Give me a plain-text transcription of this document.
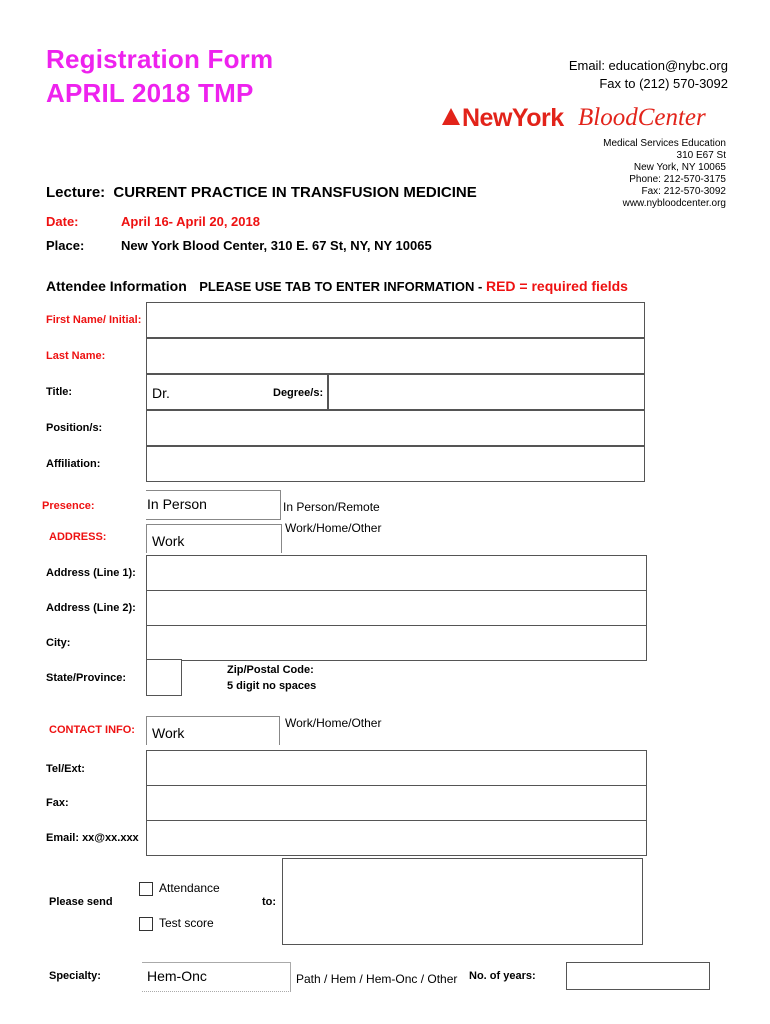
Registration Form
APRIL 2018 TMP
Email: education@nybc.org
Fax to (212) 570-3092
NewYork BloodCenter
Medical Services Education
310 E67 St
New York, NY 10065
Phone: 212-570-3175
Fax: 212-570-3092
www.nybloodcenter.org
Lecture: CURRENT PRACTICE IN TRANSFUSION MEDICINE
Date:	April 16- April 20, 2018
Place:	New York Blood Center, 310 E. 67 St, NY, NY 10065
Attendee Information PLEASE USE TAB TO ENTER INFORMATION - RED = required fields
First Name/ Initial:
Last Name:
Title:	Dr.	Degree/s:
Position/s:
Affiliation:
Presence:	In Person	In Person/Remote
Work/Home/Other
ADDRESS:	Work
Address (Line 1):
Address (Line 2):
City:
State/Province:
Zip/Postal Code:
5 digit no spaces
CONTACT INFO: Work
Work/Home/Other
Tel/Ext:
Fax:
Email: xx@xx.xxx
Please send
Attendance
Test score
to:
Specialty:	Hem-Onc	Path / Hem / Hem-Onc / Other No. of years:
